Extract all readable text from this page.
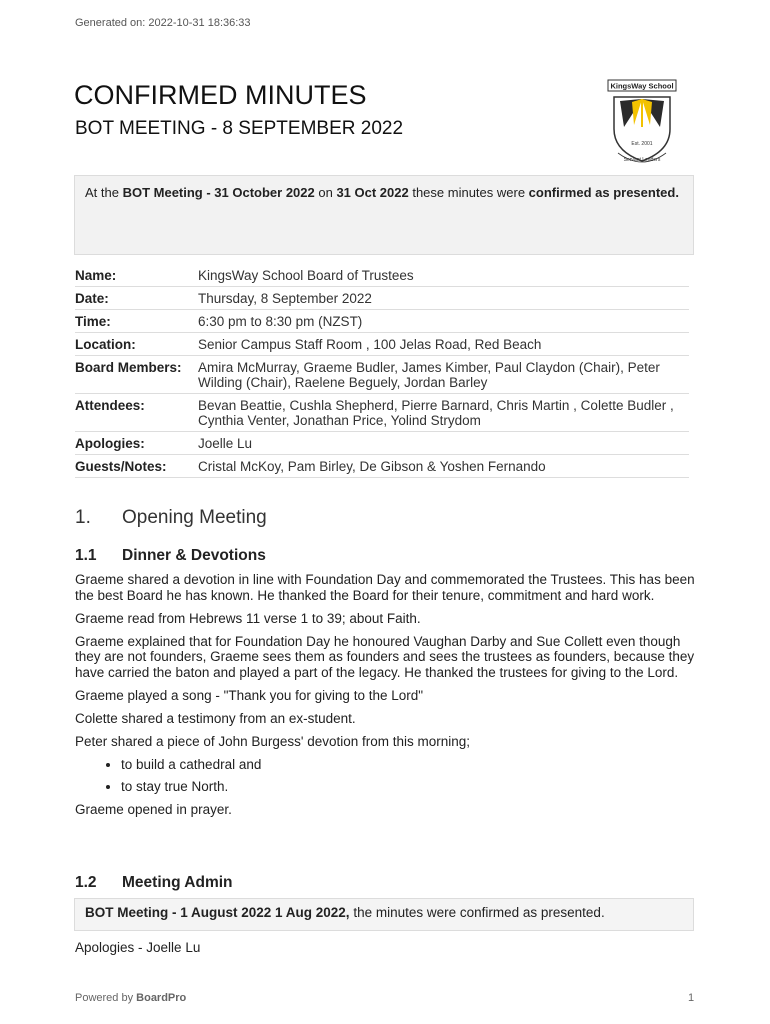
Generated on: 2022-10-31 18:36:33
CONFIRMED MINUTES
BOT MEETING - 8 SEPTEMBER 2022
KingsWay School
Est. 2001
Servant Leaders
At the BOT Meeting - 31 October 2022 on 31 Oct 2022 these minutes were confirmed as presented.
Name:	KingsWay School Board of Trustees
Date:	Thursday, 8 September 2022
Time:	6:30 pm to 8:30 pm (NZST)
Location:	Senior Campus Staff Room , 100 Jelas Road, Red Beach
Board Members:	Amira McMurray, Graeme Budler, James Kimber, Paul Claydon (Chair), Peter Wilding (Chair), Raelene Beguely, Jordan Barley
Attendees:	Bevan Beattie, Cushla Shepherd, Pierre Barnard, Chris Martin , Colette Budler , Cynthia Venter, Jonathan Price, Yolind Strydom
Apologies:	Joelle Lu
Guests/Notes:	Cristal McKoy, Pam Birley, De Gibson & Yoshen Fernando
1. Opening Meeting
1.1 Dinner & Devotions

Graeme shared a devotion in line with Foundation Day and commemorated the Trustees. This has been the best Board he has known. He thanked the Board for their tenure, commitment and hard work.

Graeme read from Hebrews 11 verse 1 to 39; about Faith.

Graeme explained that for Foundation Day he honoured Vaughan Darby and Sue Collett even though they are not founders, Graeme sees them as founders and sees the trustees as founders, because they have carried the baton and played a part of the legacy. He thanked the trustees for giving to the Lord.

Graeme played a song - "Thank you for giving to the Lord"

Colette shared a testimony from an ex-student.

Peter shared a piece of John Burgess' devotion from this morning;

• to build a cathedral and
• to stay true North.

Graeme opened in prayer.

1.2 Meeting Admin
BOT Meeting - 1 August 2022 1 Aug 2022, the minutes were confirmed as presented.
Apologies - Joelle Lu
Powered by BoardPro	1
